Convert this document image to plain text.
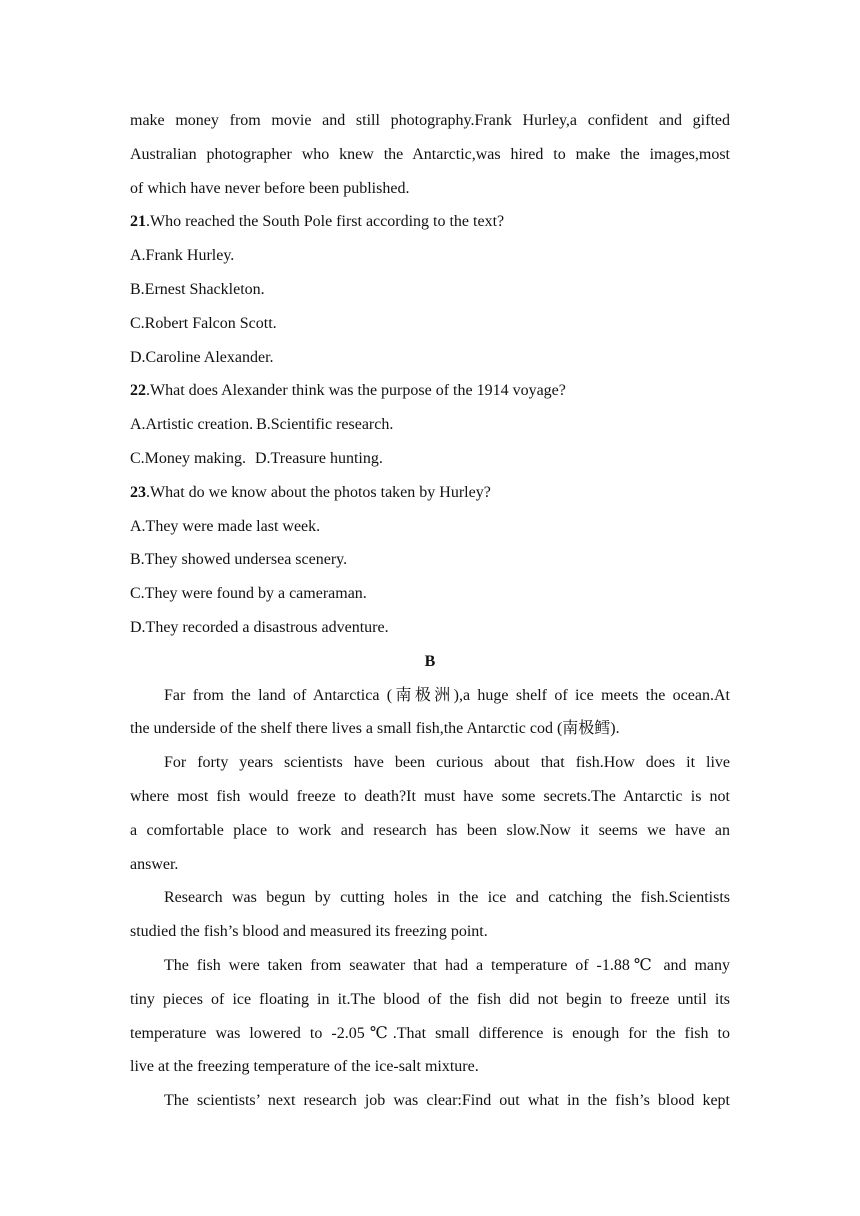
make money from movie and still photography.Frank Hurley,a confident and gifted
Australian photographer who knew the Antarctic,was hired to make the images,most
of which have never before been published.
21.Who reached the South Pole first according to the text?
A.Frank Hurley.
B.Ernest Shackleton.
C.Robert Falcon Scott.
D.Caroline Alexander.
22.What does Alexander think was the purpose of the 1914 voyage?
A.Artistic creation. B.Scientific research.
C.Money making. D.Treasure hunting.
23.What do we know about the photos taken by Hurley?
A.They were made last week.
B.They showed undersea scenery.
C.They were found by a cameraman.
D.They recorded a disastrous adventure.
B
Far from the land of Antarctica (南极洲),a huge shelf of ice meets the ocean.At
the underside of the shelf there lives a small fish,the Antarctic cod (南极鳕).
For forty years scientists have been curious about that fish.How does it live
where most fish would freeze to death?It must have some secrets.The Antarctic is not
a comfortable place to work and research has been slow.Now it seems we have an
answer.
Research was begun by cutting holes in the ice and catching the fish.Scientists
studied the fish’s blood and measured its freezing point.
The fish were taken from seawater that had a temperature of -1.88℃ and many
tiny pieces of ice floating in it.The blood of the fish did not begin to freeze until its
temperature was lowered to -2.05℃.That small difference is enough for the fish to
live at the freezing temperature of the ice-salt mixture.
The scientists’ next research job was clear:Find out what in the fish’s blood kept
